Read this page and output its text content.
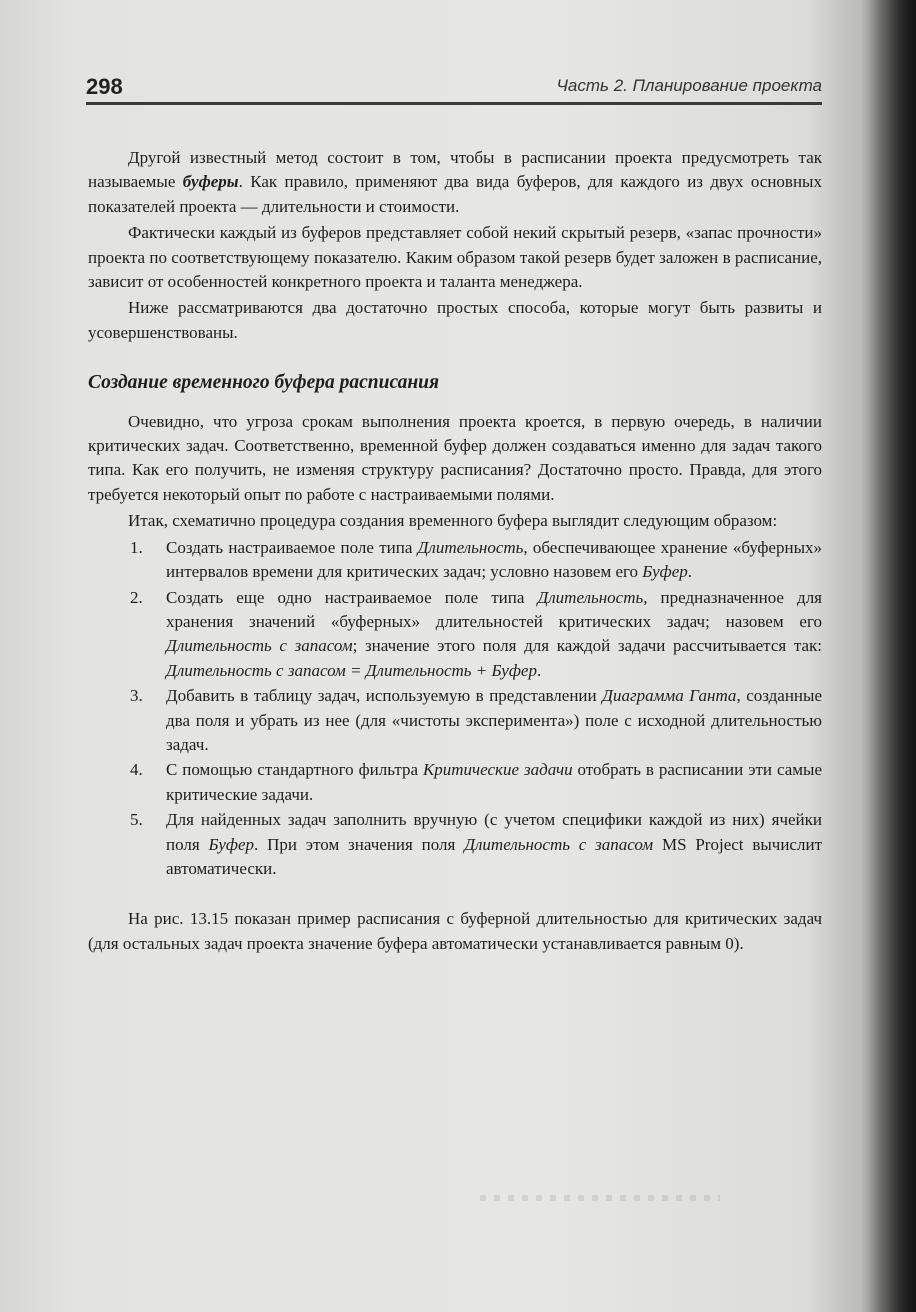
298	Часть 2. Планирование проекта

Другой известный метод состоит в том, чтобы в расписании проекта предусмотреть так называемые буферы. Как правило, применяют два вида буферов, для каждого из двух основных показателей проекта — длительности и стоимости.

Фактически каждый из буферов представляет собой некий скрытый резерв, «запас прочности» проекта по соответствующему показателю. Каким образом такой резерв будет заложен в расписание, зависит от особенностей конкретного проекта и таланта менеджера.

Ниже рассматриваются два достаточно простых способа, которые могут быть развиты и усовершенствованы.

Создание временного буфера расписания

Очевидно, что угроза срокам выполнения проекта кроется, в первую очередь, в наличии критических задач. Соответственно, временной буфер должен создаваться именно для задач такого типа. Как его получить, не изменяя структуру расписания? Достаточно просто. Правда, для этого требуется некоторый опыт по работе с настраиваемыми полями.

Итак, схематично процедура создания временного буфера выглядит следующим образом:

1. Создать настраиваемое поле типа Длительность, обеспечивающее хранение «буферных» интервалов времени для критических задач; условно назовем его Буфер.
2. Создать еще одно настраиваемое поле типа Длительность, предназначенное для хранения значений «буферных» длительностей критических задач; назовем его Длительность с запасом; значение этого поля для каждой задачи рассчитывается так: Длительность с запасом = Длительность + Буфер.
3. Добавить в таблицу задач, используемую в представлении Диаграмма Ганта, созданные два поля и убрать из нее (для «чистоты эксперимента») поле с исходной длительностью задач.
4. С помощью стандартного фильтра Критические задачи отобрать в расписании эти самые критические задачи.
5. Для найденных задач заполнить вручную (с учетом специфики каждой из них) ячейки поля Буфер. При этом значения поля Длительность с запасом MS Project вычислит автоматически.

На рис. 13.15 показан пример расписания с буферной длительностью для критических задач (для остальных задач проекта значение буфера автоматически устанавливается равным 0).
